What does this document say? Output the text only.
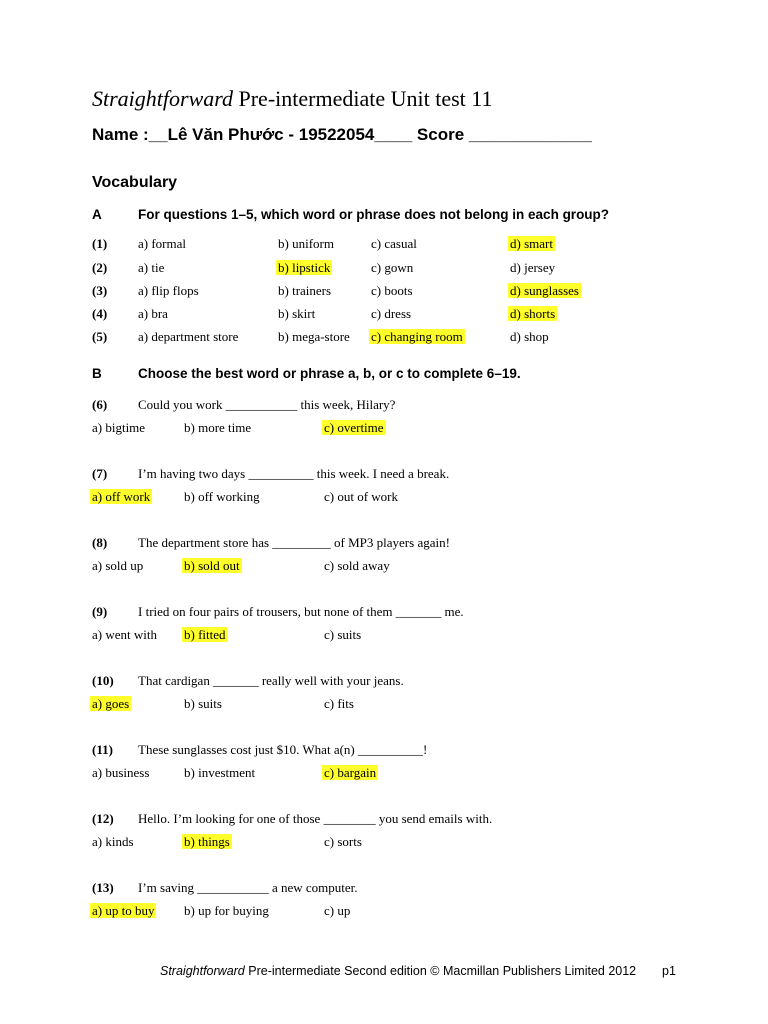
Straightforward Pre-intermediate Unit test 11
Name :__Lê Văn Phước - 19522054____ Score _____________
Vocabulary
A	For questions 1–5, which word or phrase does not belong in each group?
(1) a) formal	b) uniform	c) casual	d) smart
(2) a) tie	b) lipstick	c) gown	d) jersey
(3) a) flip flops	b) trainers	c) boots	d) sunglasses
(4) a) bra	b) skirt	c) dress	d) shorts
(5) a) department store	b) mega-store c) changing room	d) shop
B	Choose the best word or phrase a, b, or c to complete 6–19.
(6) Could you work ___________ this week, Hilary?
a) bigtime	b) more time	c) overtime
(7) I’m having two days __________ this week. I need a break.
a) off work	b) off working	c) out of work
(8) The department store has _________ of MP3 players again!
a) sold up	b) sold out	c) sold away
(9) I tried on four pairs of trousers, but none of them _______ me.
a) went with b) fitted	c) suits
(10) That cardigan _______ really well with your jeans.
a) goes	b) suits	c) fits
(11) These sunglasses cost just $10. What a(n) __________!
a) business	b) investment	c) bargain
(12) Hello. I’m looking for one of those ________ you send emails with.
a) kinds	b) things	c) sorts
(13) I’m saving ___________ a new computer.
a) up to buy b) up for buying	c) up
Straightforward Pre-intermediate Second edition © Macmillan Publishers Limited 2012 p1
